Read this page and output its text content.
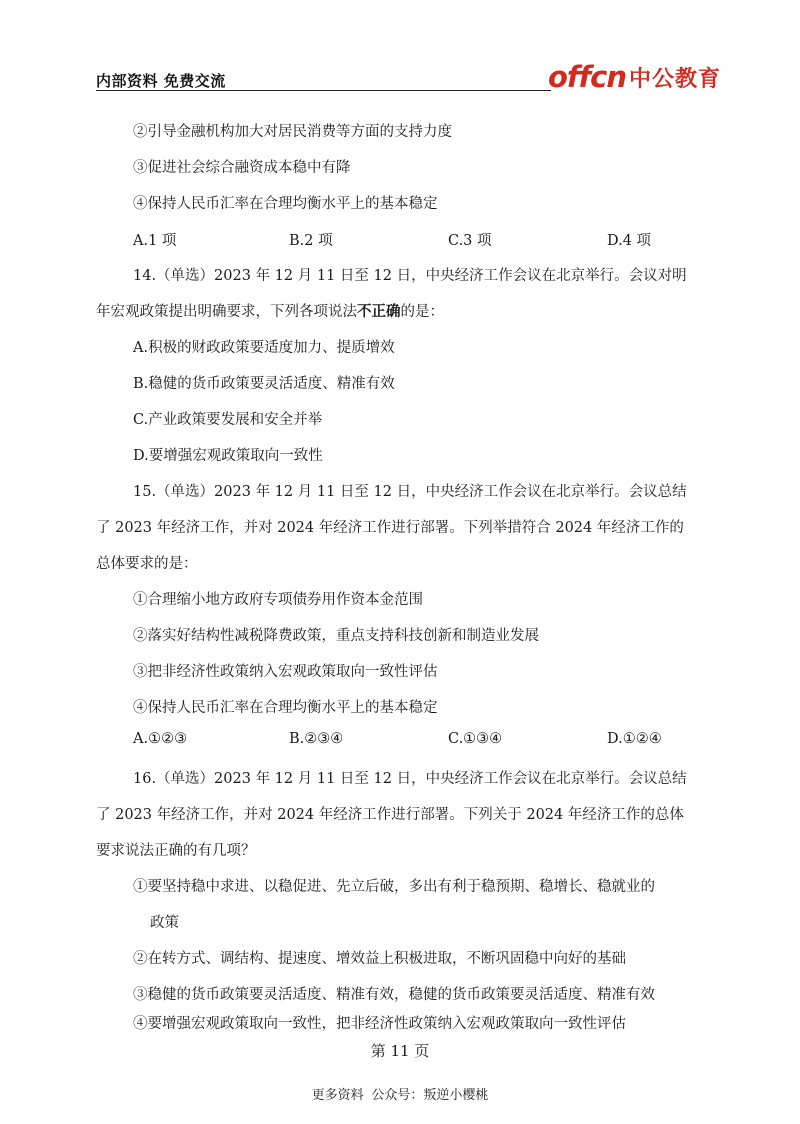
内部资料 免费交流	offcn 中公教育
②引导金融机构加大对居民消费等方面的支持力度
③促进社会综合融资成本稳中有降
④保持人民币汇率在合理均衡水平上的基本稳定
A.1 项	B.2 项	C.3 项	D.4 项
14.（单选）2023 年 12 月 11 日至 12 日，中央经济工作会议在北京举行。会议对明
年宏观政策提出明确要求，下列各项说法不正确的是：
A.积极的财政政策要适度加力、提质增效
B.稳健的货币政策要灵活适度、精准有效
C.产业政策要发展和安全并举
D.要增强宏观政策取向一致性
15.（单选）2023 年 12 月 11 日至 12 日，中央经济工作会议在北京举行。会议总结
了 2023 年经济工作，并对 2024 年经济工作进行部署。下列举措符合 2024 年经济工作的
总体要求的是：
①合理缩小地方政府专项债券用作资本金范围
②落实好结构性减税降费政策，重点支持科技创新和制造业发展
③把非经济性政策纳入宏观政策取向一致性评估
④保持人民币汇率在合理均衡水平上的基本稳定
A.①②③	B.②③④	C.①③④	D.①②④
16.（单选）2023 年 12 月 11 日至 12 日，中央经济工作会议在北京举行。会议总结
了 2023 年经济工作，并对 2024 年经济工作进行部署。下列关于 2024 年经济工作的总体
要求说法正确的有几项？
①要坚持稳中求进、以稳促进、先立后破，多出有利于稳预期、稳增长、稳就业的
政策
②在转方式、调结构、提速度、增效益上积极进取，不断巩固稳中向好的基础
③稳健的货币政策要灵活适度、精准有效，稳健的货币政策要灵活适度、精准有效
④要增强宏观政策取向一致性，把非经济性政策纳入宏观政策取向一致性评估
第 11 页
更多资料 公众号：叛逆小樱桃
